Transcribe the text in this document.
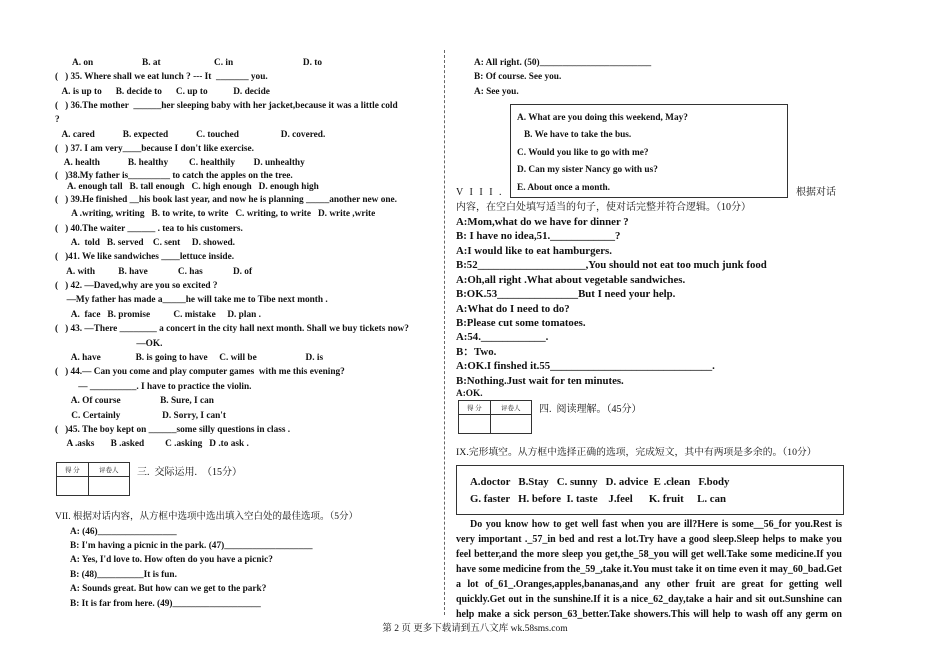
A. on                     B. at                       C. in                              D. to
(   ) 35. Where shall we eat lunch ? --- It  _______ you.
A. is up to      B. decide to      C. up to           D. decide
(   ) 36.The mother  ______her sleeping baby with her jacket,because it was a little cold
?
A. cared            B. expected            C. touched                  D. covered.
(   ) 37. I am very____because I don't like exercise.
A. health            B. healthy         C. healthily        D. unhealthy
(   )38.My father is_________ to catch the apples on the tree.
A. enough tall   B. tall enough   C. high enough   D. enough high
(   ) 39.He finished __his book last year, and now he is planning _____another new one.
A .writing, writing   B. to write, to write   C. writing, to write   D. write ,write
(   ) 40.The waiter ______ . tea to his customers.
A.  told   B. served    C. sent     D. showed.
(   )41. We like sandwiches ____lettuce inside.
A. with          B. have             C. has             D. of
(   ) 42. —Daved,why are you so excited ?
—My father has made a_____he will take me to Tibe next month .
A.  face   B. promise          C. mistake     D. plan .
(   ) 43. —There ________ a concert in the city hall next month. Shall we buy tickets now?
—OK.
A. have               B. is going to have     C. will be                     D. is
(   ) 44.— Can you come and play computer games  with me this evening?
— __________. I have to practice the violin.
A. Of course                 B. Sure, I can
C. Certainly                  D. Sorry, I can't
(   )45. The boy kept on ______some silly questions in class .
A .asks       B .asked         C .asking   D .to ask .
得 分	评卷人
	三.  交际运用.  （15分）
VII. 根据对话内容，从方框中选项中选出填入空白处的最佳选项。（5分）
A: (46)_________________
B: I'm having a picnic in the park. (47)___________________
A: Yes, I'd love to. How often do you have a picnic?
B: (48)__________It is fun.
A: Sounds great. But how can we get to the park?
B: It is far from here. (49)___________________
A: All right. (50)________________________
B: Of course. See you.
A: See you.
A. What are you doing this weekend, May?
B. We have to take the bus.
C. Would you like to go with me?
D. Can my sister Nancy go with us?
E. About once a month.
V I I I .	根据对话
内容，在空白处填写适当的句子，使对话完整并符合逻辑。（10分）
A:Mom,what do we have for dinner ?
B: I have no idea,51.____________?
A:I would like to eat hamburgers.
B:52____________________,You should not eat too much junk food
A:Oh,all right .What about vegetable sandwiches.
B:OK.53_______________But I need your help.
A:What do I need to do?
B:Please cut some tomatoes.
A:54.____________.
B：Two.
A:OK.I finshed it.55______________________________.
B:Nothing.Just wait for ten minutes.
A:OK.
得 分	评卷人
	四.  阅读理解。（45分）
IX.完形填空。从方框中选择正确的选项，完成短文，其中有两项是多余的。（10分）
A.doctor   B.Stay   C. sunny   D. advice  E .clean   F.body
G. faster   H. before  I. taste    J.feel      K. fruit     L. can
Do you know how to get well fast when you are ill?Here is some__56_for you.Rest is very important ._57_in bed and rest a lot.Try have a good sleep.Sleep helps to make you feel better,and the more sleep you get,the_58_you will get well.Take some medicine.If you have some medicine from the_59_,take it.You must take it on time even it may_60_bad.Get a lot of_61_.Oranges,apples,bananas,and any other fruit are great for getting well quickly.Get out in the sunshine.If it is a nice_62_day,take a hair and sit out.Sunshine can help make a sick person_63_better.Take showers.This will help to wash off any germ on
第 2 页 更多下载请到五八文库 wk.58sms.com
